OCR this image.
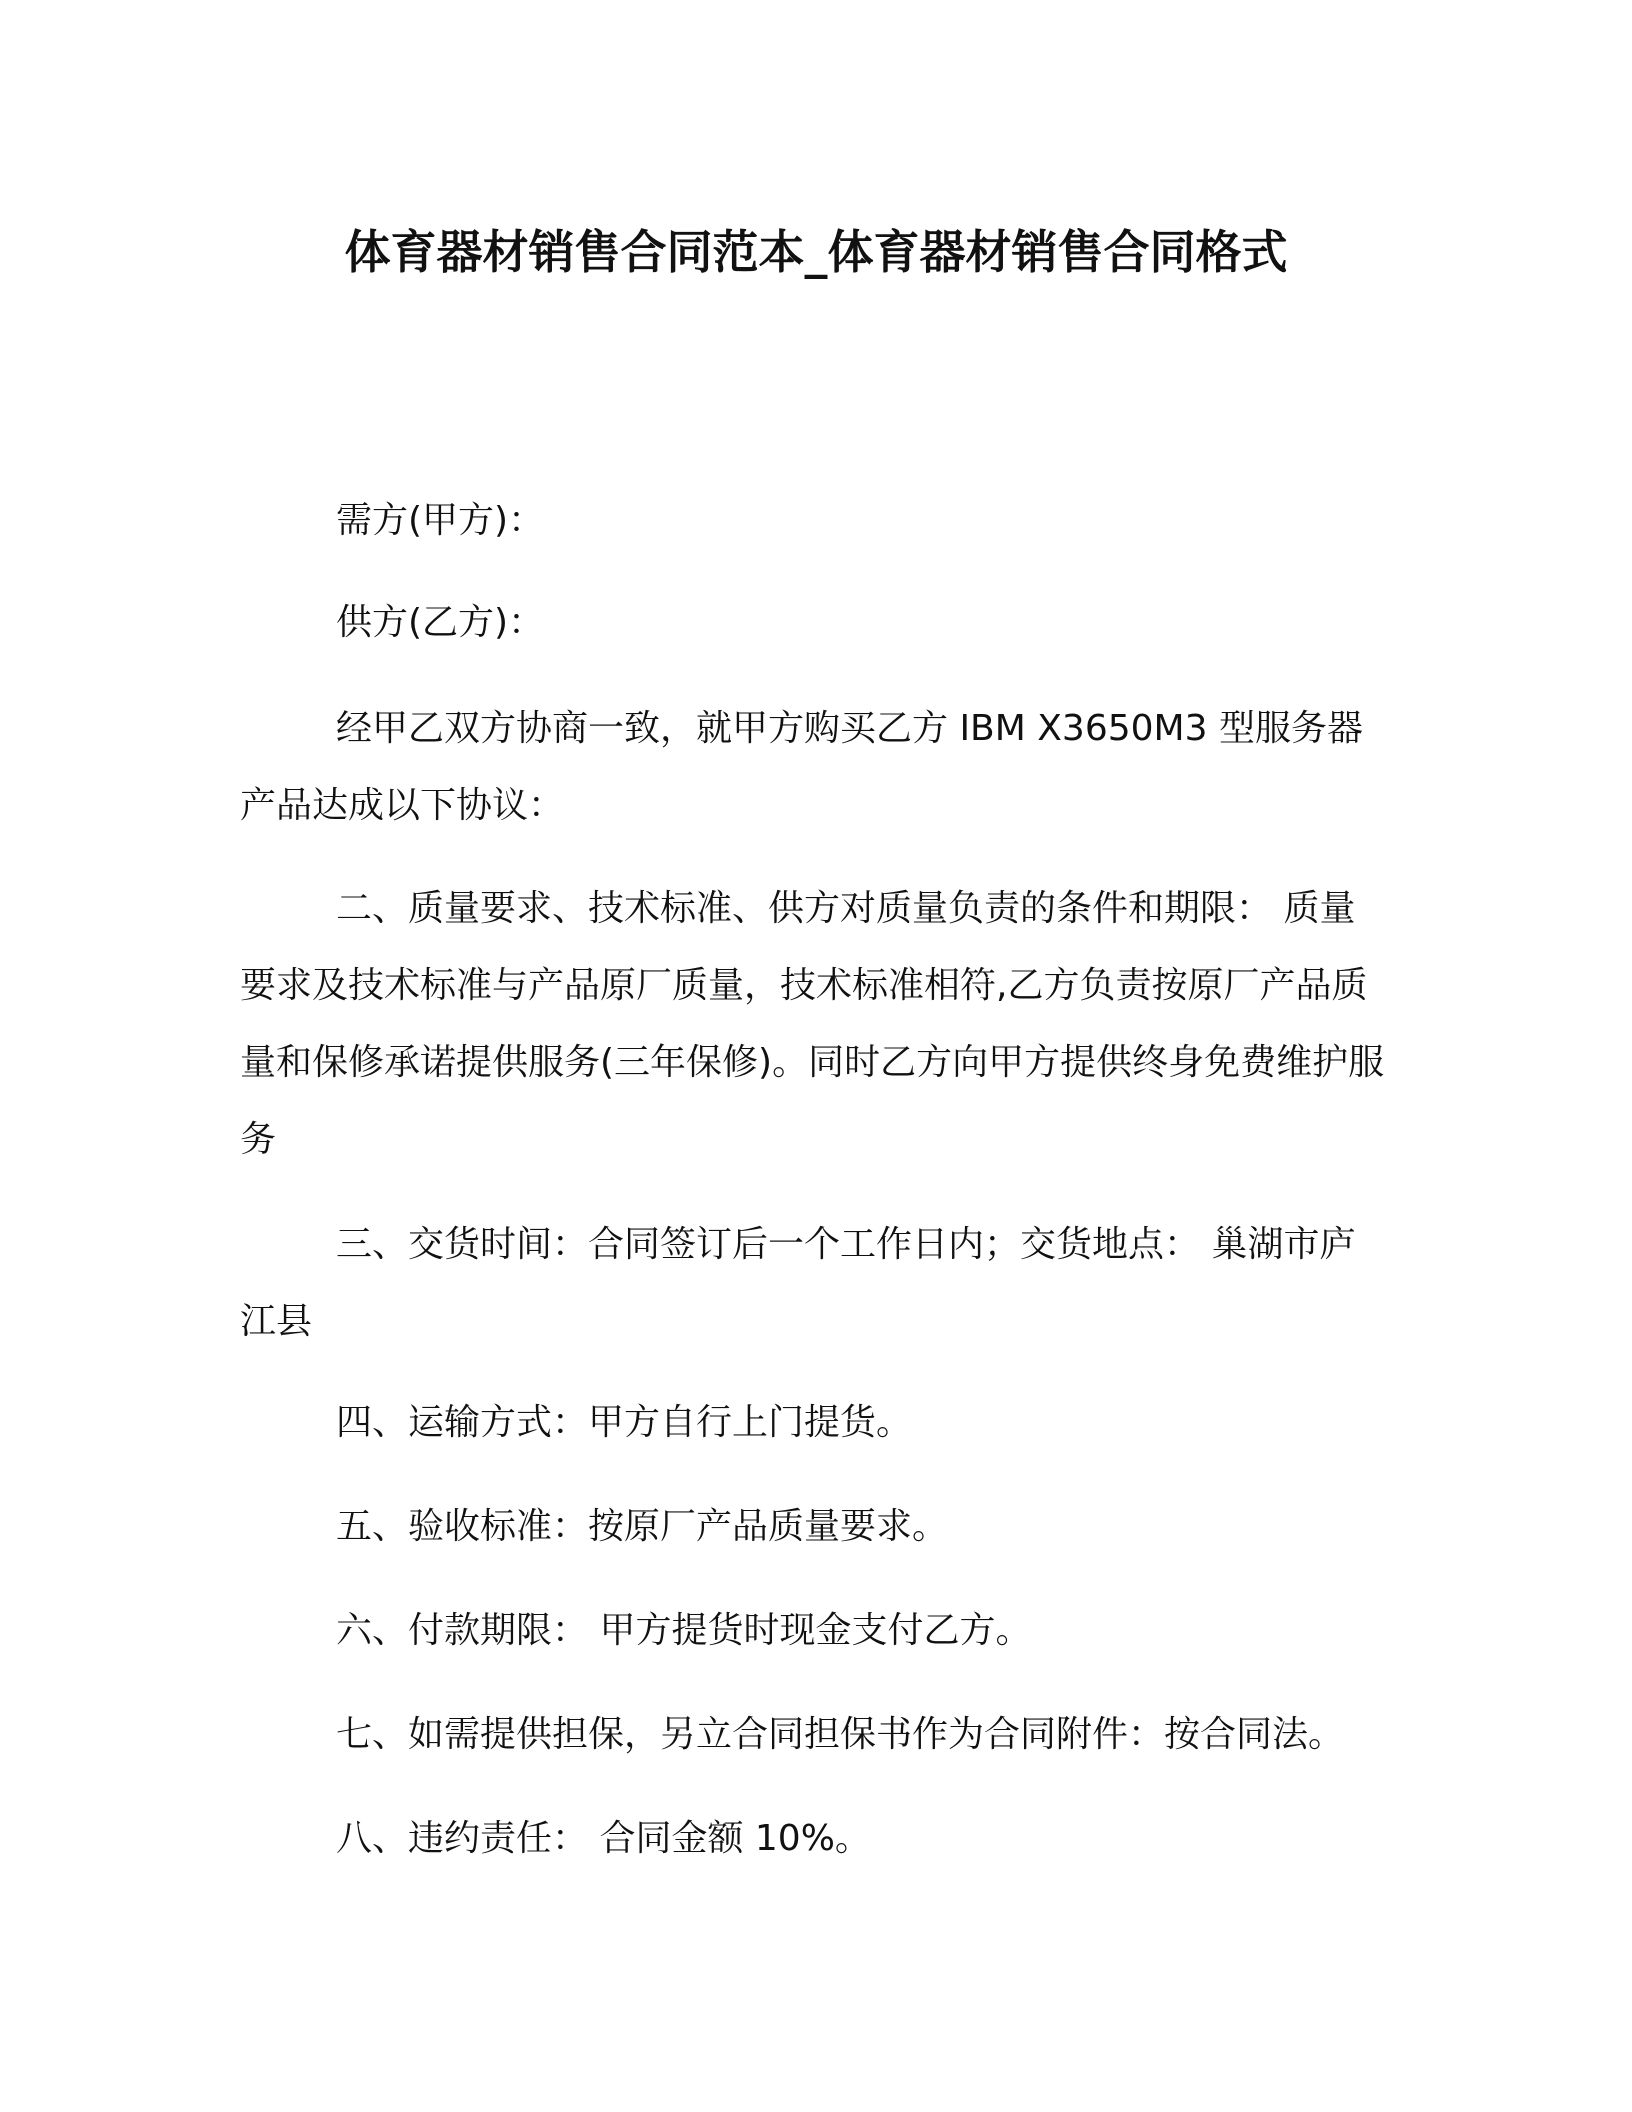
体育器材销售合同范本_体育器材销售合同格式

需方(甲方)：

供方(乙方)：

经甲乙双方协商一致，就甲方购买乙方 IBM X3650M3 型服务器产品达成以下协议：

二、质量要求、技术标准、供方对质量负责的条件和期限： 质量要求及技术标准与产品原厂质量，技术标准相符,乙方负责按原厂产品质量和保修承诺提供服务(三年保修)。同时乙方向甲方提供终身免费维护服务

三、交货时间：合同签订后一个工作日内；交货地点： 巢湖市庐江县

四、运输方式：甲方自行上门提货。

五、验收标准：按原厂产品质量要求。

六、付款期限： 甲方提货时现金支付乙方。

七、如需提供担保，另立合同担保书作为合同附件：按合同法。

八、违约责任： 合同金额 10%。
